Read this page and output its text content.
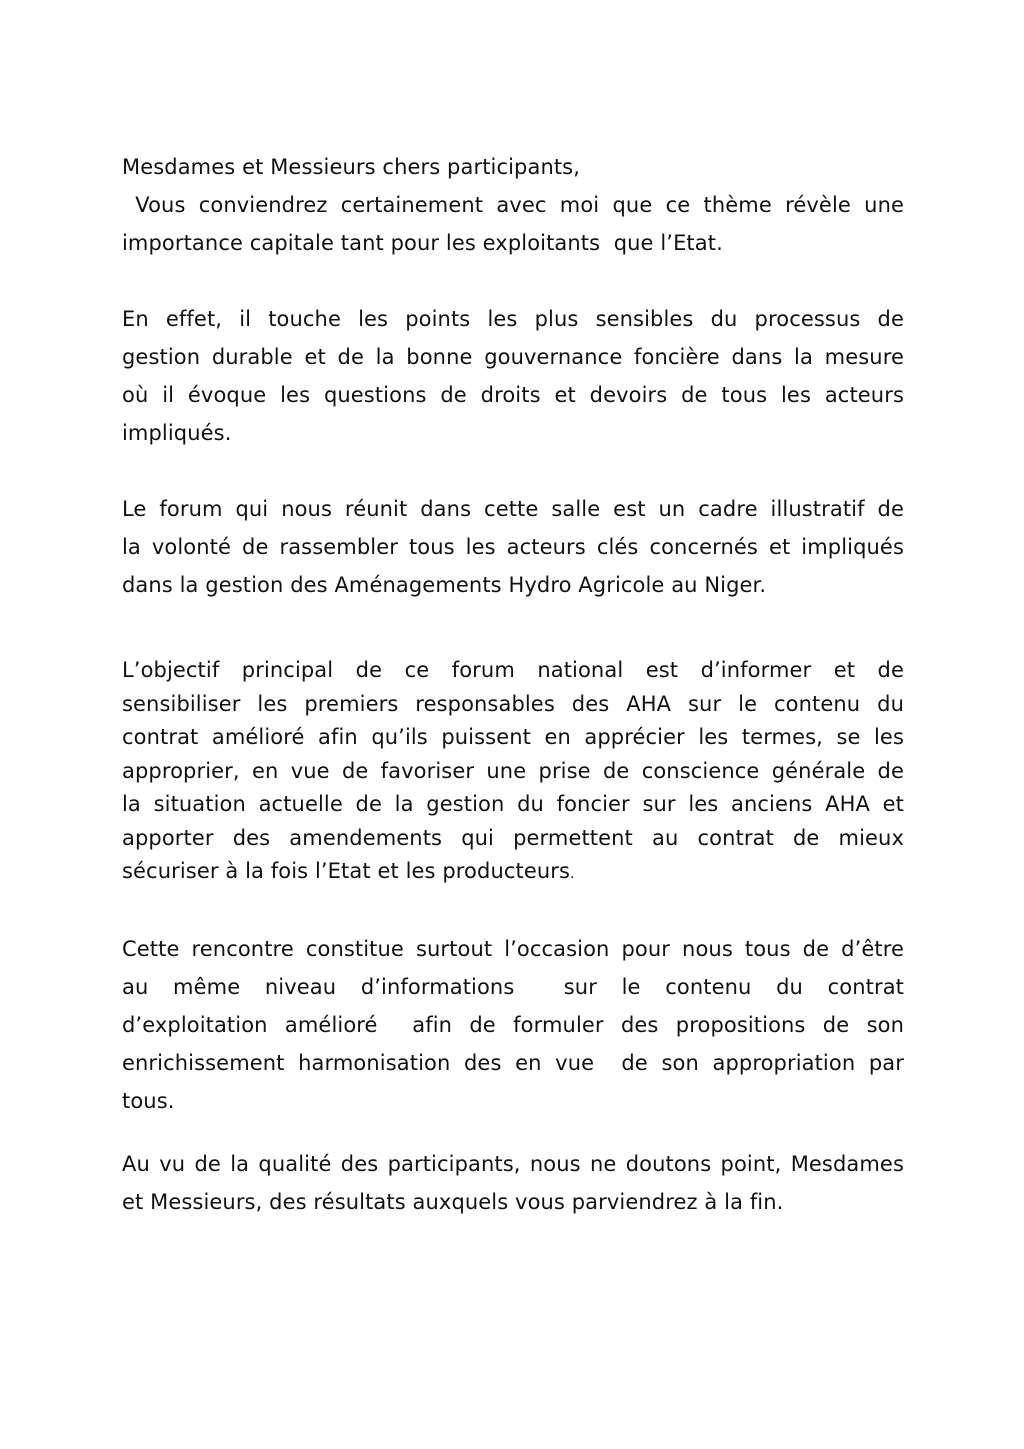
Mesdames et Messieurs chers participants,
Vous conviendrez certainement avec moi que ce thème révèle une
importance capitale tant pour les exploitants  que l’Etat.
En effet, il touche les points les plus sensibles du processus de
gestion durable et de la bonne gouvernance foncière dans la mesure
où il évoque les questions de droits et devoirs de tous les acteurs
impliqués.
Le forum qui nous réunit dans cette salle est un cadre illustratif de
la volonté de rassembler tous les acteurs clés concernés et impliqués
dans la gestion des Aménagements Hydro Agricole au Niger.
L’objectif principal de ce forum national est d’informer et de
sensibiliser les premiers responsables des AHA sur le contenu du
contrat amélioré afin qu’ils puissent en apprécier les termes, se les
approprier, en vue de favoriser une prise de conscience générale de
la situation actuelle de la gestion du foncier sur les anciens AHA et
apporter des amendements qui permettent au contrat de mieux
sécuriser à la fois l’Etat et les producteurs.
Cette rencontre constitue surtout l’occasion pour nous tous de d’être
au même niveau d’informations  sur le contenu du contrat
d’exploitation amélioré  afin de formuler des propositions de son
enrichissement harmonisation des en vue  de son appropriation par
tous.
Au vu de la qualité des participants, nous ne doutons point, Mesdames
et Messieurs, des résultats auxquels vous parviendrez à la fin.
